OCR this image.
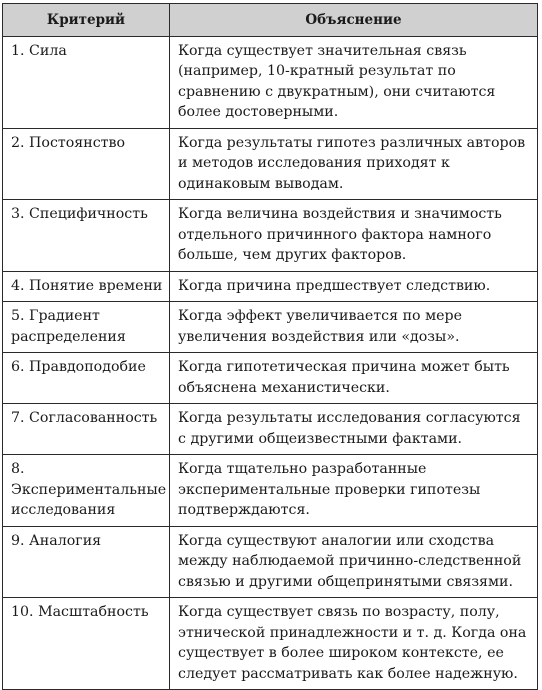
Критерий	Объяснение
1. Сила	Когда существует значительная связь (например, 10-кратный результат по сравнению с двукратным), они считаются более достоверными.
2. Постоянство	Когда результаты гипотез различных авторов и методов исследования приходят к одинаковым выводам.
3. Специфичность	Когда величина воздействия и значимость отдельного причинного фактора намного больше, чем других факторов.
4. Понятие времени	Когда причина предшествует следствию.
5. Градиент распределения	Когда эффект увеличивается по мере увеличения воздействия или «дозы».
6. Правдоподобие	Когда гипотетическая причина может быть объяснена механистически.
7. Согласованность	Когда результаты исследования согласуются с другими общеизвестными фактами.
8. Экспериментальные исследования	Когда тщательно разработанные экспериментальные проверки гипотезы подтверждаются.
9. Аналогия	Когда существуют аналогии или сходства между наблюдаемой причинно-следственной связью и другими общепринятыми связями.
10. Масштабность	Когда существует связь по возрасту, полу, этнической принадлежности и т. д. Когда она существует в более широком контексте, ее следует рассматривать как более надежную.
